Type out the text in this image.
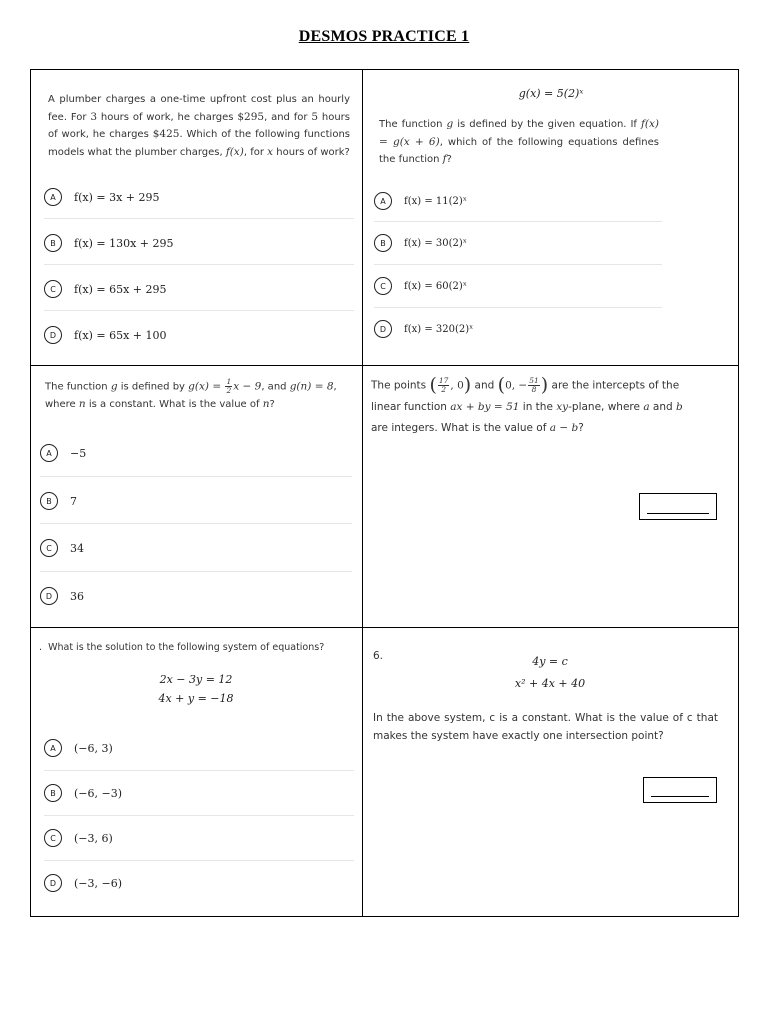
DESMOS PRACTICE 1
A plumber charges a one-time upfront cost plus an hourly fee. For 3 hours of work, he charges $295, and for 5 hours of work, he charges $425. Which of the following functions models what the plumber charges, f(x), for x hours of work?
A	f(x) = 3x + 295
B	f(x) = 130x + 295
C	f(x) = 65x + 295
D	f(x) = 65x + 100
g(x) = 5(2)ˣ
The function g is defined by the given equation. If f(x) = g(x + 6), which of the following equations defines the function f?
A	f(x) = 11(2)ˣ
B	f(x) = 30(2)ˣ
C	f(x) = 60(2)ˣ
D	f(x) = 320(2)ˣ
The function g is defined by $g(x) = \frac{1}{2}$ x − 9, and g(n) = 8,
where n is a constant. What is the value of n?
A	−5
B	7
C	34
D	36
The points ( $\frac{17}{2}$ , 0) and (0, − $\frac{51}{8}$ ) are the intercepts of the
linear function ax + by = 51 in the xy-plane, where a and b
are integers. What is the value of a − b?
. What is the solution to the following system of equations?
2x − 3y = 12
4x + y = −18
A	(−6, 3)
B	(−6, −3)
C	(−3, 6)
D	(−3, −6)
6.	4y = c
x² + 4x + 40
In the above system, c is a constant. What is the value of c that makes the system have exactly one intersection point?
